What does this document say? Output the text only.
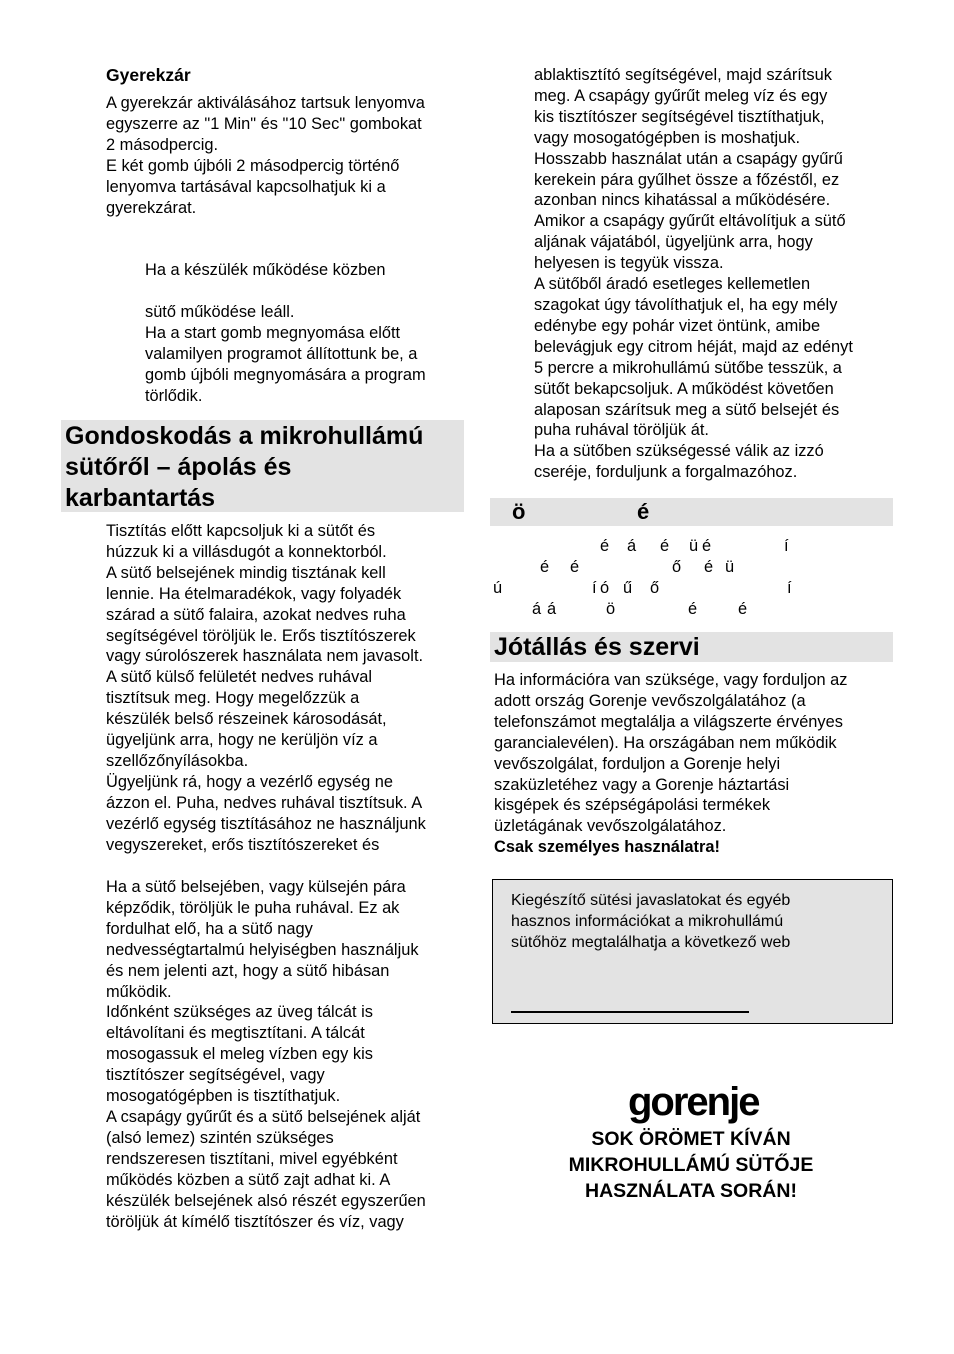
Gyerekzár
A gyerekzár aktiválásához tartsuk lenyomva
egyszerre az "1 Min" és "10 Sec" gombokat
2 másodpercig.
E két gomb újbóli 2 másodpercig történő
lenyomva tartásával kapcsolhatjuk ki a
gyerekzárat.
Ha a készülék működése közben
sütő működése leáll.
Ha a start gomb megnyomása előtt
valamilyen programot állítottunk be, a
gomb újbóli megnyomására a program
törlődik.
Gondoskodás a mikrohullámú
sütőről – ápolás és
karbantartás
Tisztítás előtt kapcsoljuk ki a sütőt és
húzzuk ki a villásdugót a konnektorból.
A sütő belsejének mindig tisztának kell
lennie. Ha ételmaradékok, vagy folyadék
szárad a sütő falaira, azokat nedves ruha
segítségével töröljük le. Erős tisztítószerek
vagy súrolószerek használata nem javasolt.
A sütő külső felületét nedves ruhával
tisztítsuk meg. Hogy megelőzzük a
készülék belső részeinek károsodását,
ügyeljünk arra, hogy ne kerüljön víz a
szellőzőnyílásokba.
Ügyeljünk rá, hogy a vezérlő egység ne
ázzon el. Puha, nedves ruhával tisztítsuk. A
vezérlő egység tisztításához ne használjunk
vegyszereket, erős tisztítószereket és
Ha a sütő belsejében, vagy külsején pára
képződik, töröljük le puha ruhával. Ez ak
fordulhat elő, ha a sütő nagy
nedvességtartalmú helyiségben használjuk
és nem jelenti azt, hogy a sütő hibásan
működik.
Időnként szükséges az üveg tálcát is
eltávolítani és megtisztítani. A tálcát
mosogassuk el meleg vízben egy kis
tisztítószer segítségével, vagy
mosogatógépben is tisztíthatjuk.
A csapágy gyűrűt és a sütő belsejének alját
(alsó lemez) szintén szükséges
rendszeresen tisztítani, mivel egyébként
működés közben a sütő zajt adhat ki. A
készülék belsejének alsó részét egyszerűen
töröljük át kímélő tisztítószer és víz, vagy
ablaktisztító segítségével, majd szárítsuk
meg. A csapágy gyűrűt meleg víz és egy
kis tisztítószer segítségével tisztíthatjuk,
vagy mosogatógépben is moshatjuk.
Hosszabb használat után a csapágy gyűrű
kerekein pára gyűlhet össze a főzéstől, ez
azonban nincs kihatással a működésére.
Amikor a csapágy gyűrűt eltávolítjuk a sütő
aljának vájatából, ügyeljünk arra, hogy
helyesen is tegyük vissza.
A sütőből áradó esetleges kellemetlen
szagokat úgy távolíthatjuk el, ha egy mély
edénybe egy pohár vizet öntünk, amibe
belevágjuk egy citrom héját, majd az edényt
5 percre a mikrohullámú sütőbe tesszük, a
sütőt bekapcsoljuk. A működést követően
alaposan szárítsuk meg a sütő belsejét és
puha ruhával töröljük át.
Ha a sütőben szükségessé válik az izzó
cseréje, forduljunk a forgalmazóhoz.
ö	é
é á é ü é	í
é é	ő é ü
ú	í ó ű ő	í
á á	ö	é é
Jótállás és szervi
Ha információra van szüksége, vagy forduljon az
adott ország Gorenje vevőszolgálatához (a
telefonszámot megtalálja a világszerte érvényes
garancialevélen). Ha országában nem működik
vevőszolgálat, forduljon a Gorenje helyi
szaküzletéhez vagy a Gorenje háztartási
kisgépek és szépségápolási termékek
üzletágának vevőszolgálatához.
Csak személyes használatra!
Kiegészítő sütési javaslatokat és egyéb
hasznos információkat a mikrohullámú
sütőhöz megtalálhatja a következő web
gorenje
SOK ÖRÖMET KÍVÁN
MIKROHULLÁMÚ SÜTŐJE
HASZNÁLATA SORÁN!
